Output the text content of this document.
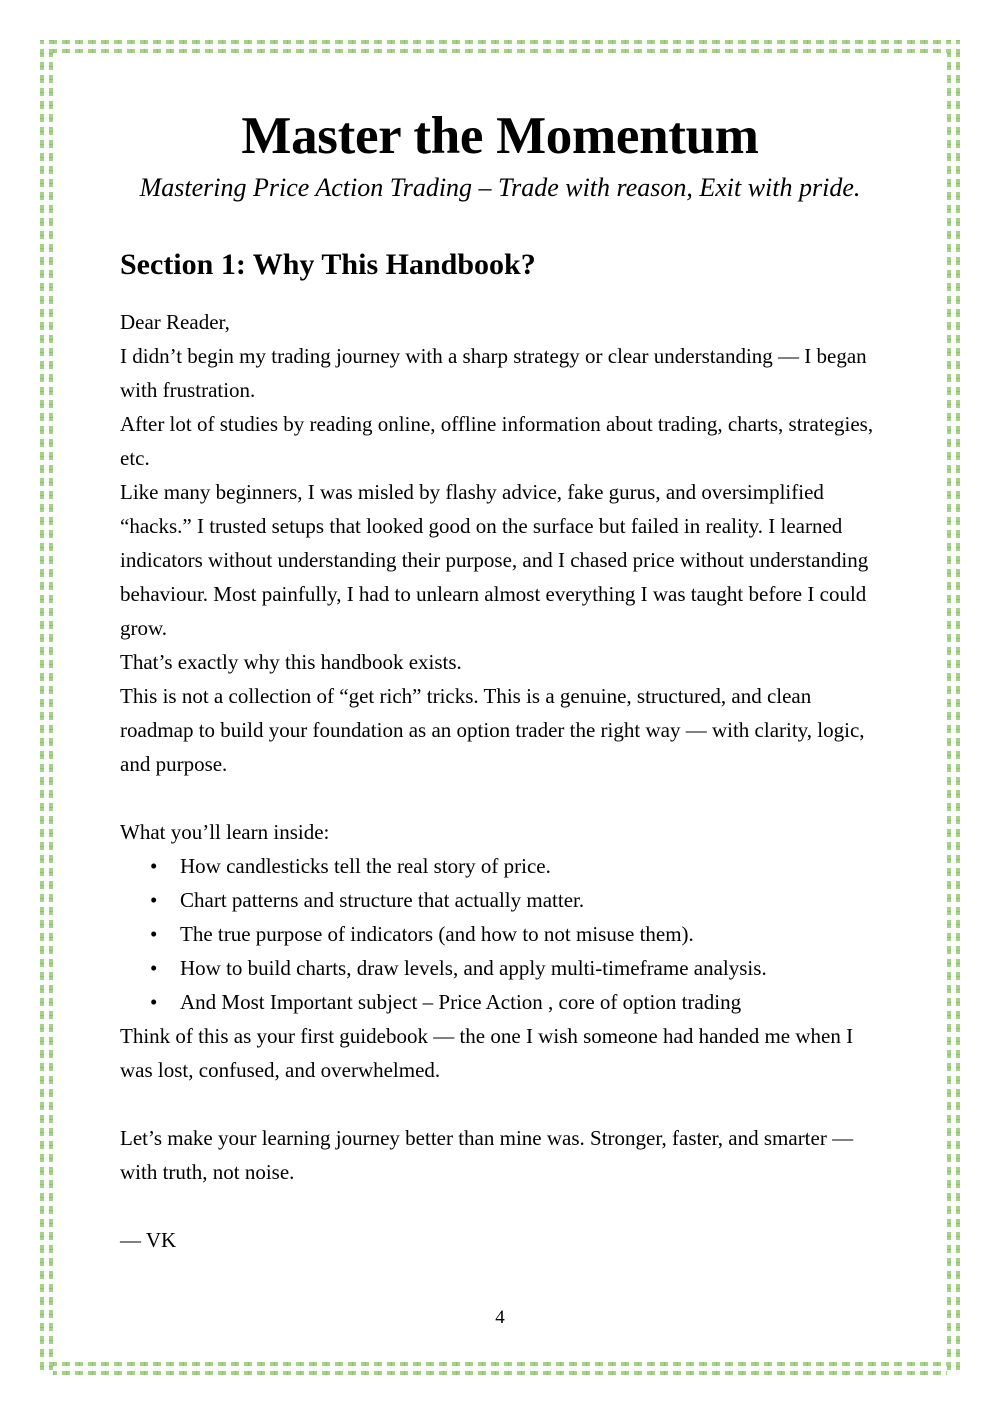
Master the Momentum

Mastering Price Action Trading – Trade with reason, Exit with pride.

Section 1: Why This Handbook?

Dear Reader,

I didn’t begin my trading journey with a sharp strategy or clear understanding — I began with frustration.

After lot of studies by reading online, offline information about trading, charts, strategies, etc.

Like many beginners, I was misled by flashy advice, fake gurus, and oversimplified “hacks.” I trusted setups that looked good on the surface but failed in reality. I learned indicators without understanding their purpose, and I chased price without understanding behaviour. Most painfully, I had to unlearn almost everything I was taught before I could grow.

That’s exactly why this handbook exists.

This is not a collection of “get rich” tricks. This is a genuine, structured, and clean roadmap to build your foundation as an option trader the right way — with clarity, logic, and purpose.

What you’ll learn inside:

• How candlesticks tell the real story of price.
• Chart patterns and structure that actually matter.
• The true purpose of indicators (and how to not misuse them).
• How to build charts, draw levels, and apply multi-timeframe analysis.
• And Most Important subject – Price Action , core of option trading

Think of this as your first guidebook — the one I wish someone had handed me when I was lost, confused, and overwhelmed.

Let’s make your learning journey better than mine was. Stronger, faster, and smarter — with truth, not noise.

— VK

4
